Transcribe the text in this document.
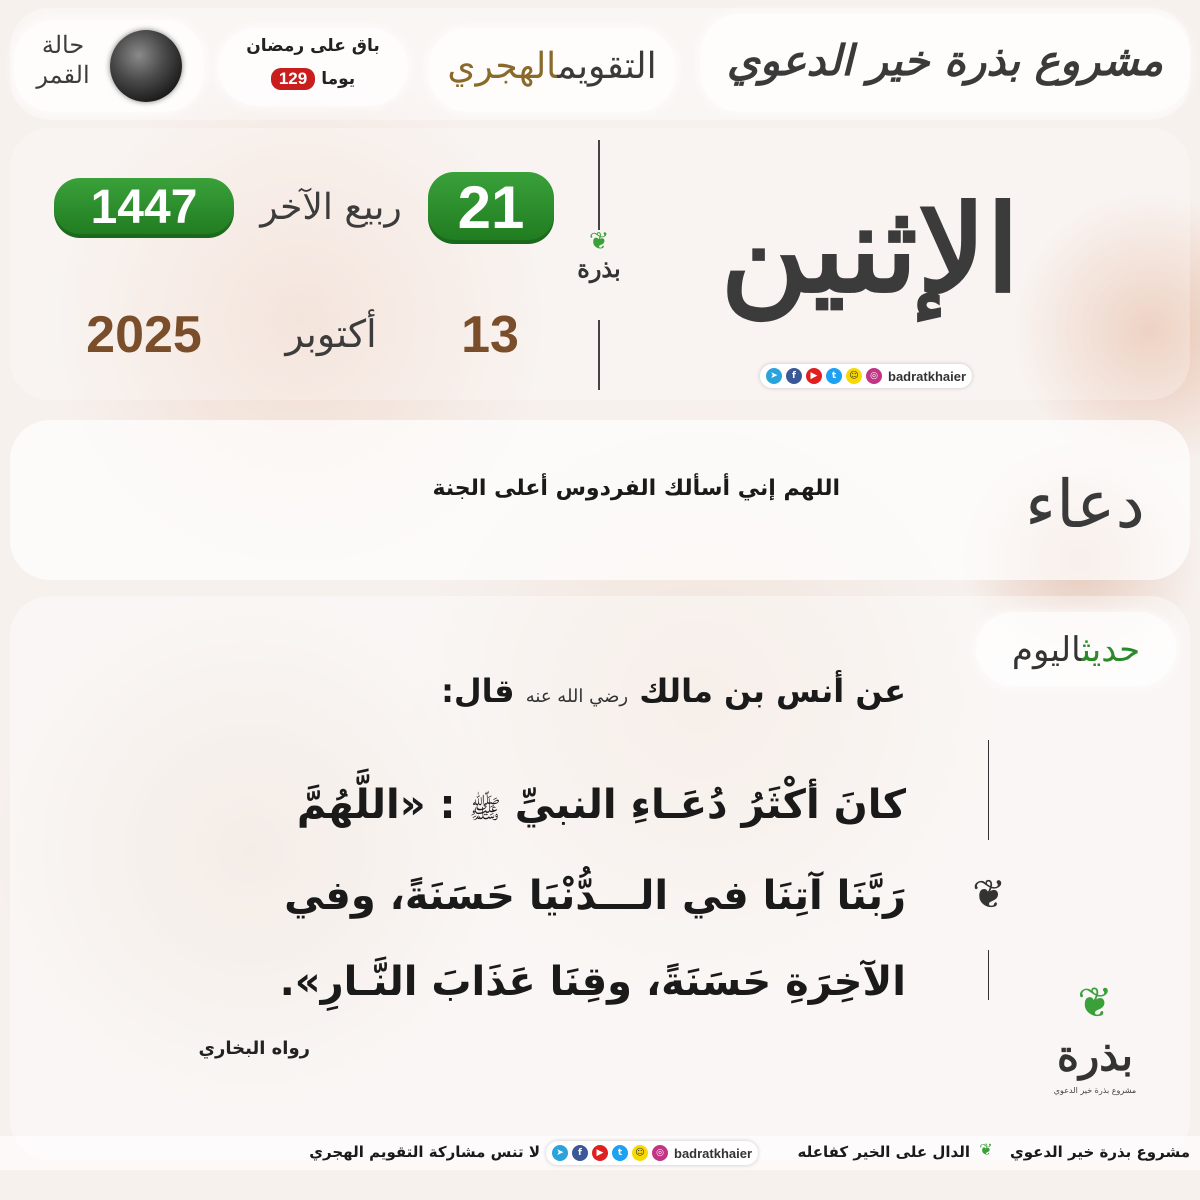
مشروع بذرة خير الدعوي
التقويمالهجري
باق على رمضان
يوما
129
حالة
القمر
الإثنين
➤	f	▶	t	☺	◎ badratkhaier
❦
بذرة
21
ربيع الآخر
1447
13
أكتوبر
2025
دعاء
اللهم إني أسألك الفردوس أعلى الجنة
حديثاليوم
عن أنس بن مالك رضي الله عنه قال:
كانَ أكْثَرُ دُعَـاءِ النبيِّ ﷺ : «اللَّهُمَّ
رَبَّنَا آتِنَا في الـــدُّنْيَا حَسَنَةً، وفي
الآخِرَةِ حَسَنَةً، وقِنَا عَذَابَ النَّـارِ».
رواه البخاري
❦
❦
بذرة
مشروع بذرة خير الدعوي
مشروع بذرة خير الدعوي
❦
الدال على الخير كفاعله
➤	f	▶	t	☺	◎ badratkhaier
لا تنس مشاركة التقويم الهجري
